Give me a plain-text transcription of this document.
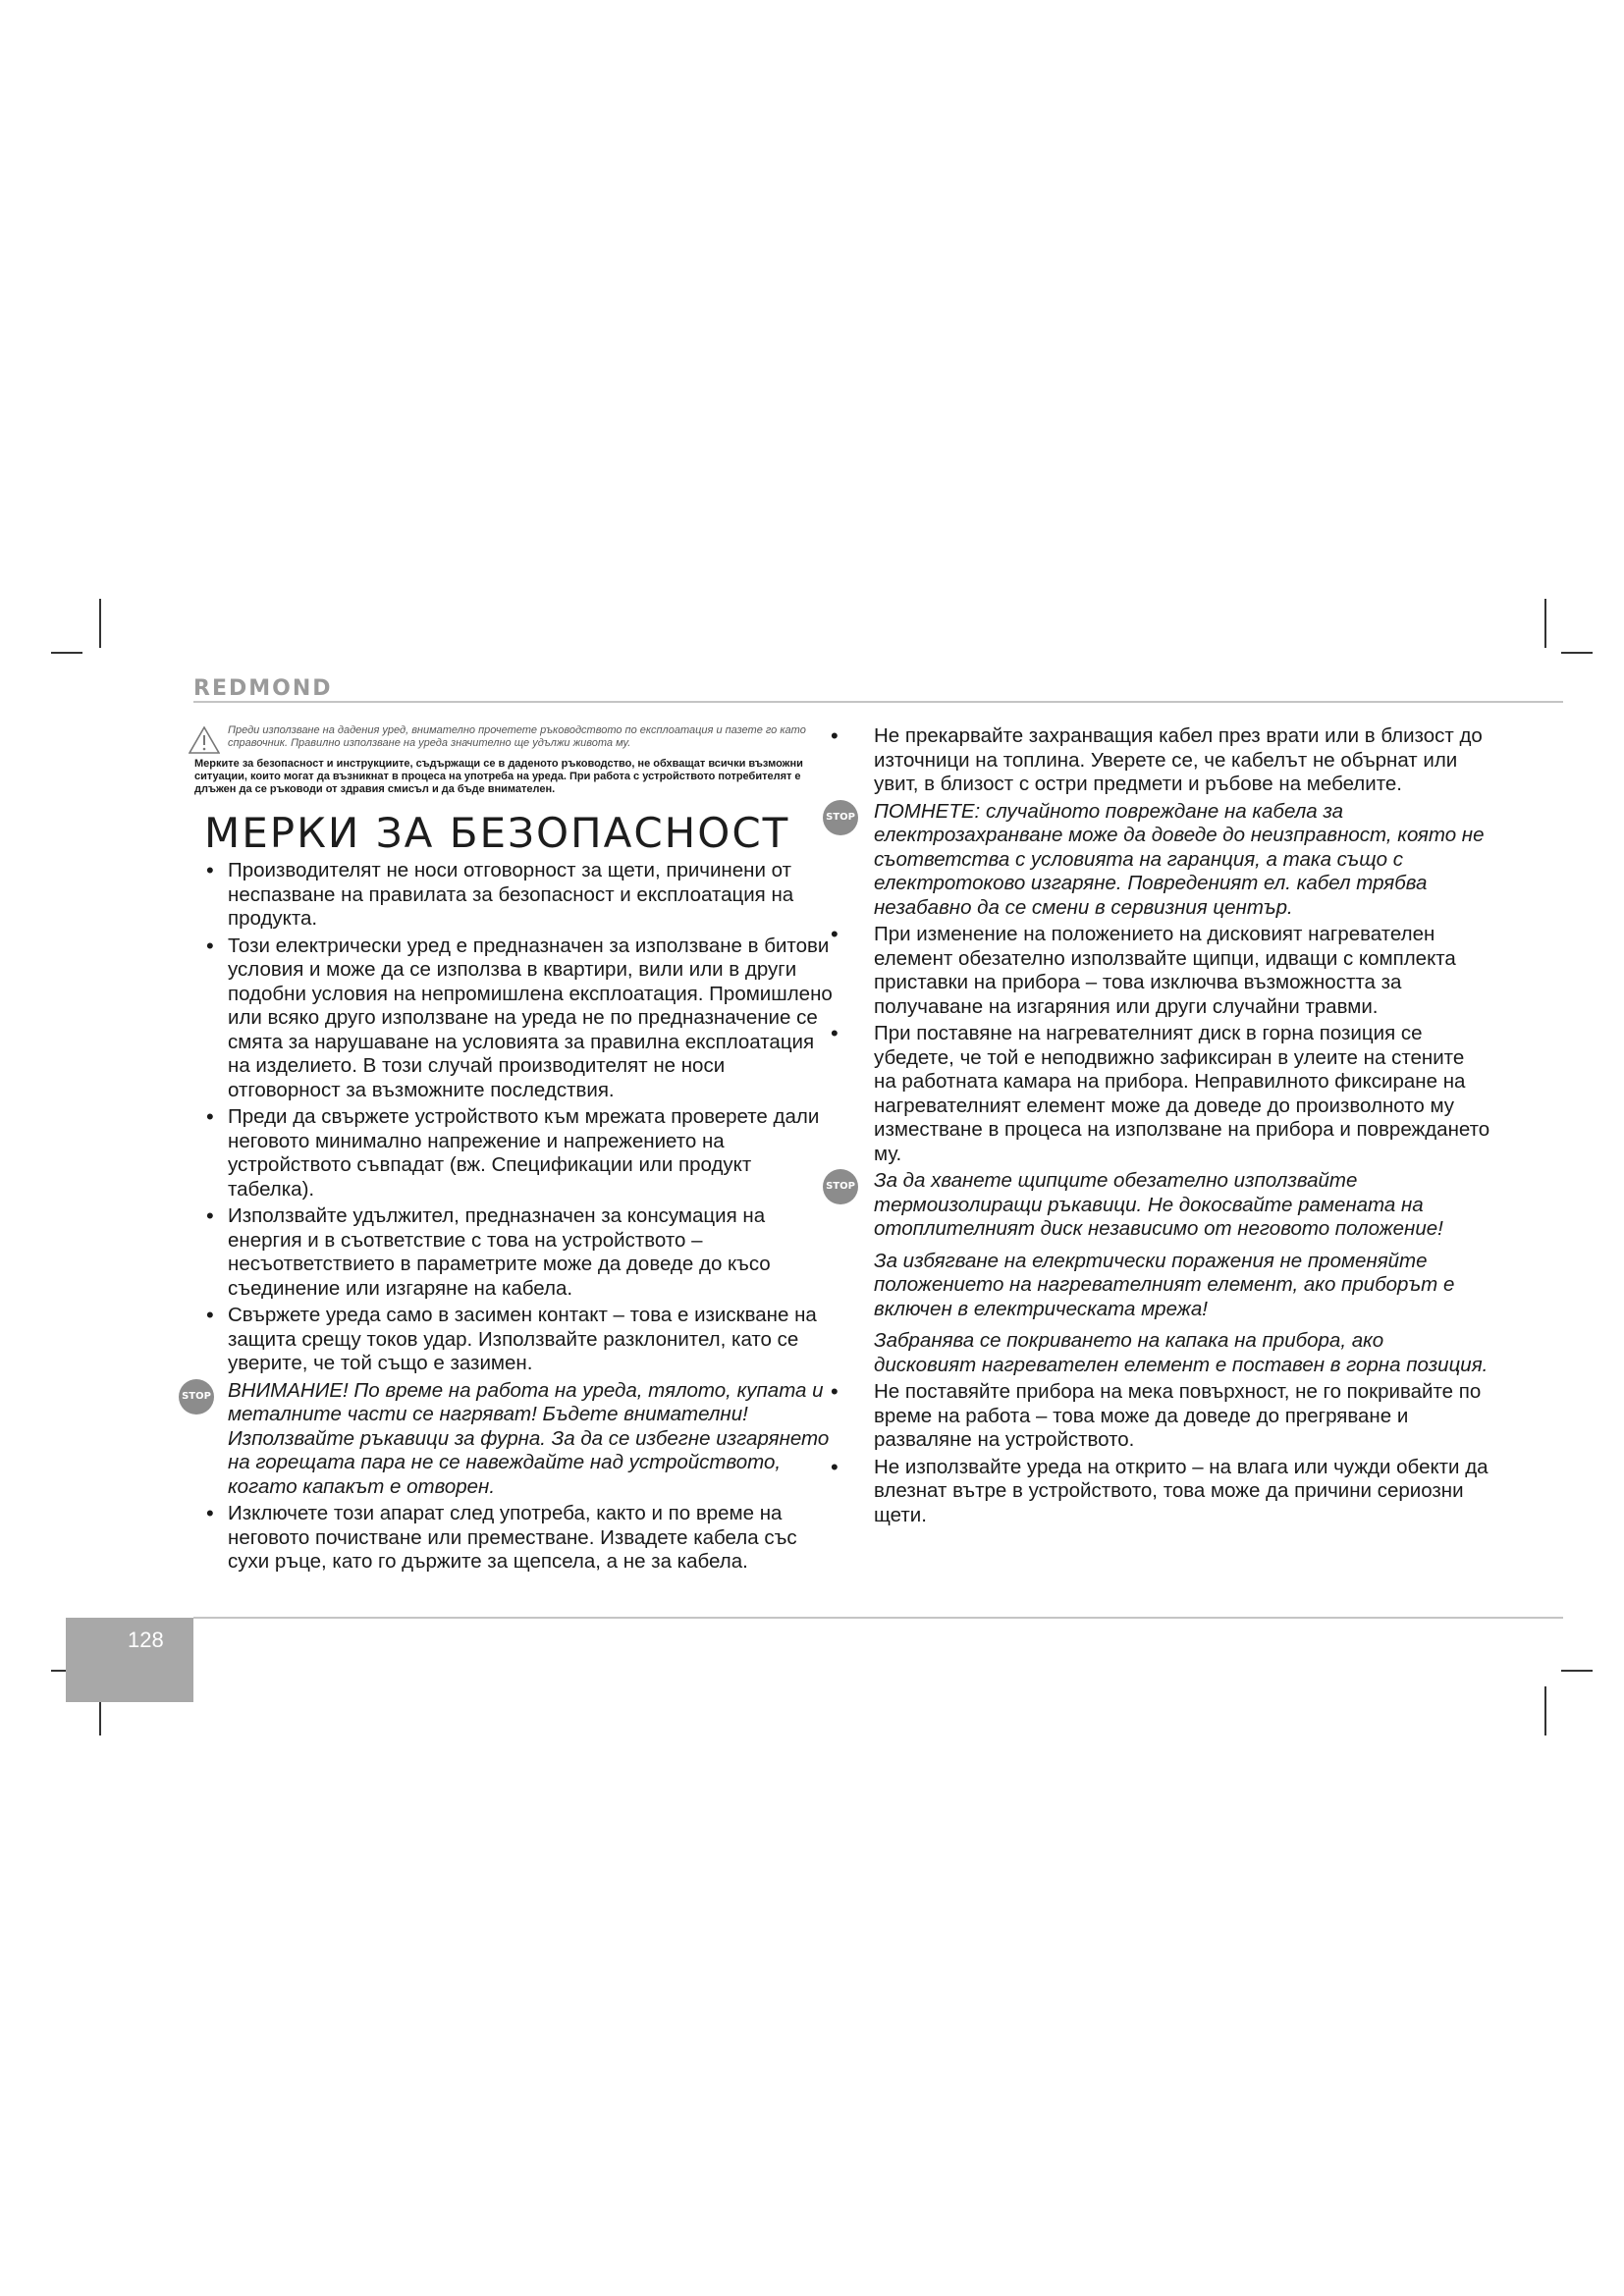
REDMOND

Преди използване на дадения уред, внимателно прочетете ръководството по експлоатация и пазете го като справочник. Правилно използване на уреда значително ще удължи живота му.

Мерките за безопасност и инструкциите, съдържащи се в даденото ръководство, не обхващат всички възможни ситуации, които могат да възникнат в процеса на употреба на уреда. При работа с устройството потребителят е длъжен да се ръководи от здравия смисъл и да бъде внимателен.

МЕРКИ ЗА БЕЗОПАСНОСТ
• Производителят не носи отговорност за щети, причинени от неспазване на правилата за безопасност и експлоатация на продукта.
• Този електрически уред е предназначен за използване в битови условия и може да се използва в квартири, вили или в други подобни условия на непромишлена експлоатация. Промишлено или всяко друго използване на уреда не по предназначение се смята за нарушаване на условията за правилна експлоатация на изделието. В този случай производителят не носи отговорност за възможните последствия.
• Преди да свържете устройството към мрежата проверете дали неговото минимално напрежение и напрежението на устройството съвпадат (вж. Спецификации или продукт табелка).
• Използвайте удължител, предназначен за консумация на енергия и в съответствие с това на устройството – несъответствието в параметрите може да доведе до късо съединение или изгаряне на кабела.
• Свържете уреда само в засимен контакт – това е изискване на защита срещу токов удар. Използвайте разклонител, като се уверите, че той също е зазимен.
STOP ВНИМАНИЕ! По време на работа на уреда, тялото, купата и металните части се нагряват! Бъдете внимателни! Използвайте ръкавици за фурна. За да се избегне изгарянето на горещата пара не се навеждайте над устройството, когато капакът е отворен.
• Изключете този апарат след употреба, както и по време на неговото почистване или преместване. Извадете кабела със сухи ръце, като го държите за щепсела, а не за кабела.
• Не прекарвайте захранващия кабел през врати или в близост до източници на топлина. Уверете се, че кабелът не обърнат или увит, в близост с остри предмети и ръбове на мебелите.
STOP ПОМНЕТЕ: случайното повреждане на кабела за електрозахранване може да доведе до неизправност, която не съответства с условията на гаранция, а така също с електротоково изгаряне. Повреденият ел. кабел трябва незабавно да се смени в сервизния център.
• При изменение на положението на дисковият нагревателен елемент обезателно използвайте щипци, идващи с комплекта приставки на прибора – това изключва възможността за получаване на изгаряния или други случайни травми.
• При поставяне на нагревателният диск в горна позиция се убедете, че той е неподвижно зафиксиран в улеите на стените на работната камара на прибора. Неправилното фиксиране на нагревателният елемент може да доведе до произволното му изместване в процеса на използване на прибора и повреждането му.
STOP За да хванете щипците обезателно използвайте термоизолиращи ръкавици. Не докосвайте рамената на отоплителният диск независимо от неговото положение!
За избягване на елекртически поражения не променяйте положението на нагревателният елемент, ако приборът е включен в електрическата мрежа!
Забранява се покриването на капака на прибора, ако дисковият нагревателен елемент е поставен в горна позиция.
• Не поставяйте прибора на мека повърхност, не го покривайте по време на работа – това може да доведе до прегряване и разваляне на устройството.
• Не използвайте уреда на открито – на влага или чужди обекти да влезнат вътре в устройството, това може да причини сериозни щети.
128
